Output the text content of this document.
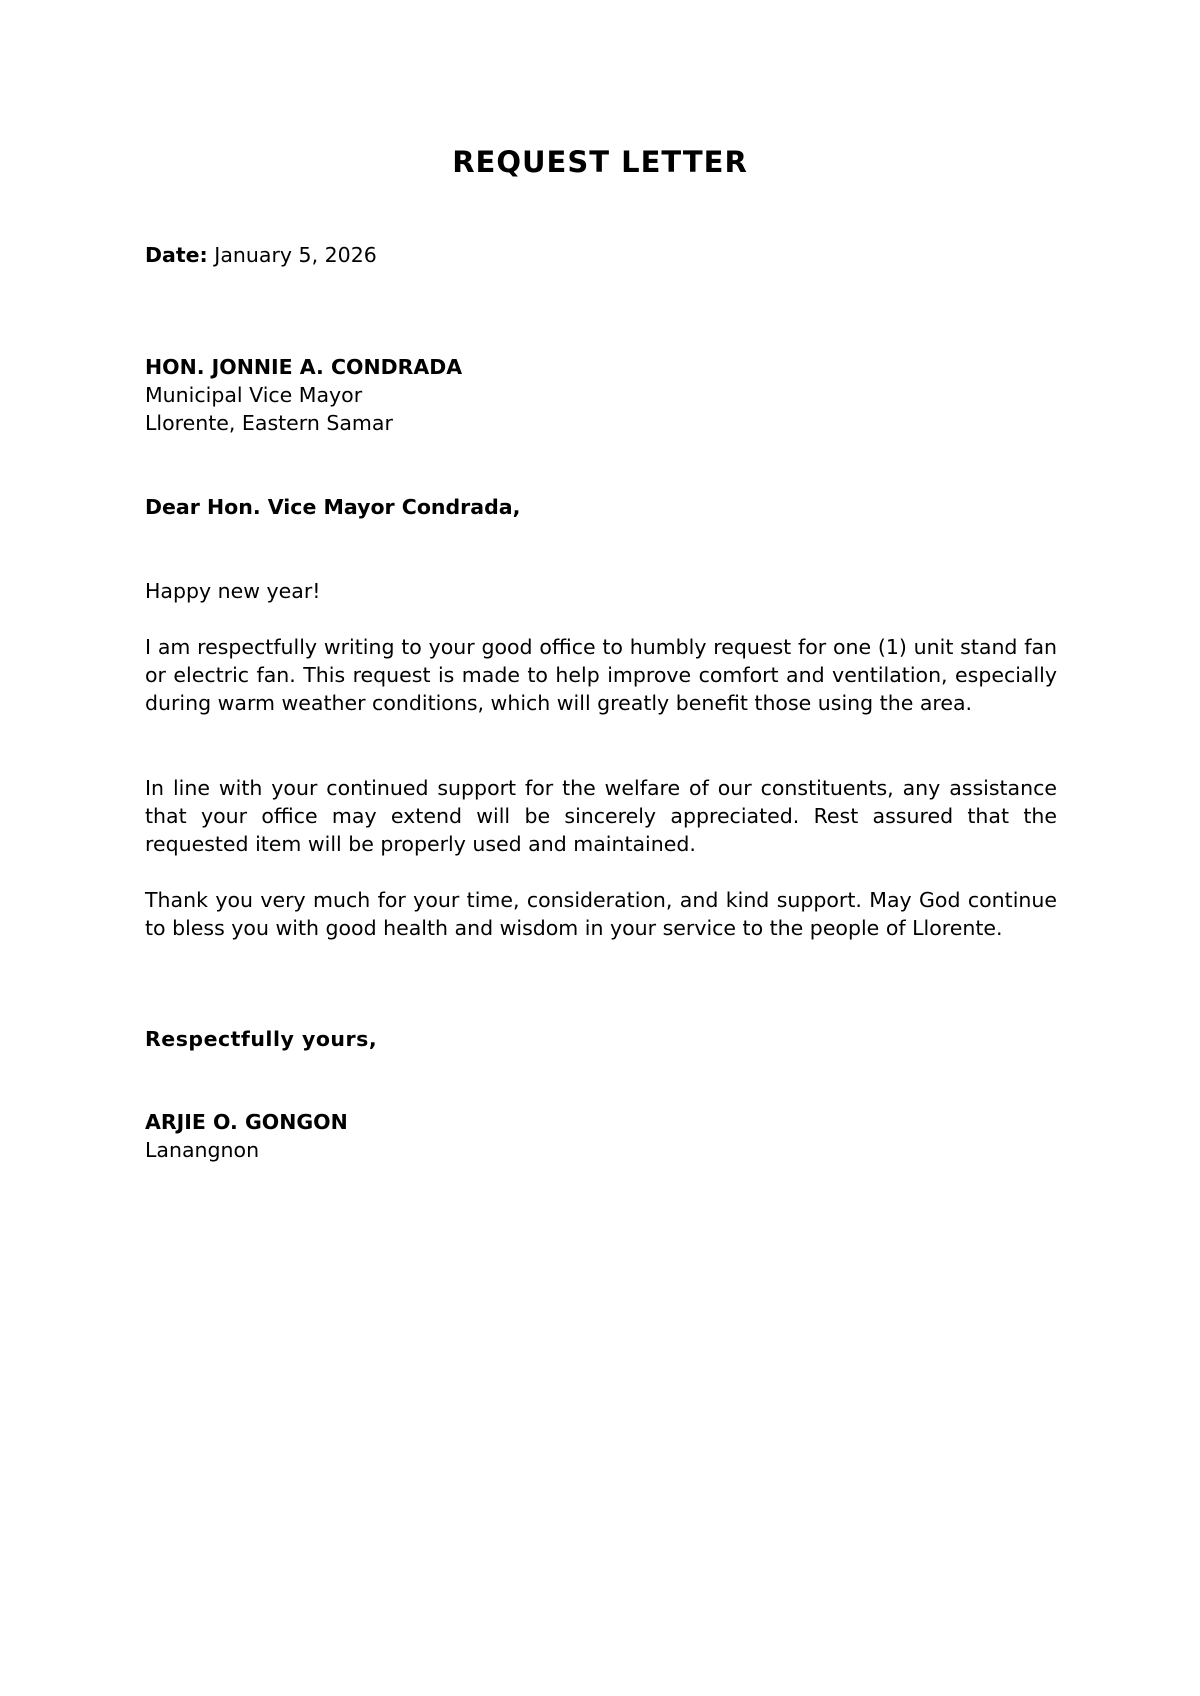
REQUEST LETTER
Date: January 5, 2026
HON. JONNIE A. CONDRADA
Municipal Vice Mayor
Llorente, Eastern Samar
Dear Hon. Vice Mayor Condrada,
Happy new year!
I am respectfully writing to your good office to humbly request for one (1) unit stand fan or electric fan. This request is made to help improve comfort and ventilation, especially during warm weather conditions, which will greatly benefit those using the area.
In line with your continued support for the welfare of our constituents, any assistance that your office may extend will be sincerely appreciated. Rest assured that the requested item will be properly used and maintained.
Thank you very much for your time, consideration, and kind support. May God continue to bless you with good health and wisdom in your service to the people of Llorente.
Respectfully yours,
ARJIE O. GONGON
Lanangnon
